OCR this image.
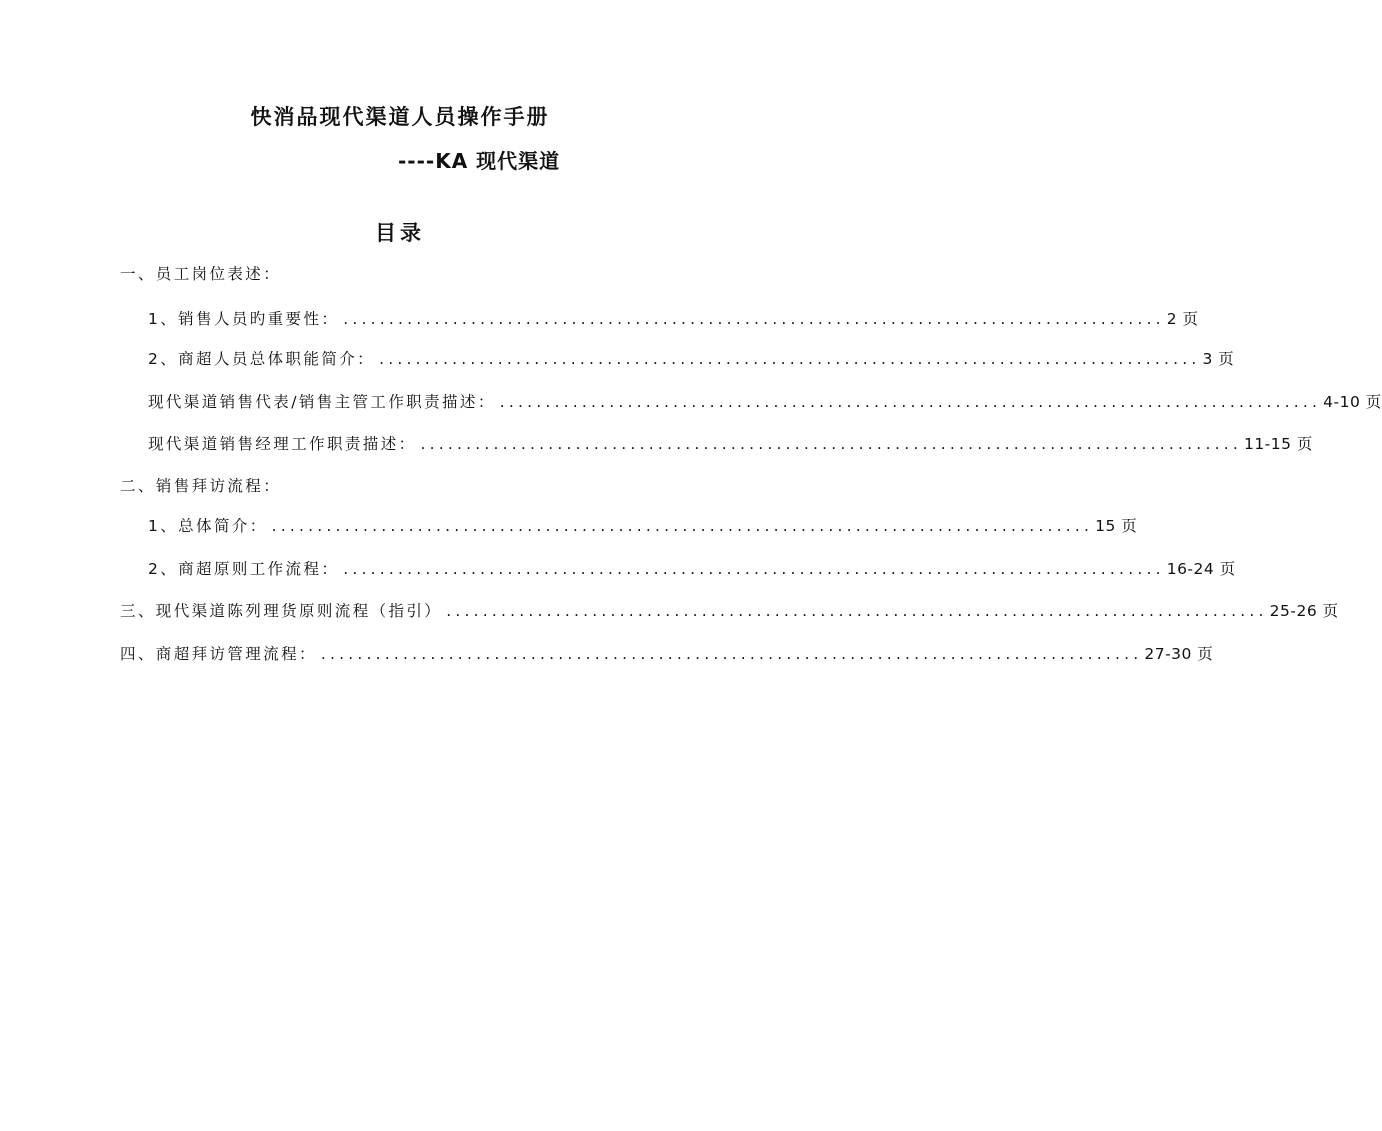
快消品现代渠道人员操作手册
----KA 现代渠道
目录
一、员工岗位表述：
1、销售人员旳重要性： .......................................................................................... 2 页
2、商超人员总体职能简介： .......................................................................................... 3 页
现代渠道销售代表/销售主管工作职责描述： .......................................................................................... 4-10 页
现代渠道销售经理工作职责描述： .......................................................................................... 11-15 页
二、销售拜访流程：
1、总体简介： .......................................................................................... 15 页
2、商超原则工作流程： .......................................................................................... 16-24 页
三、现代渠道陈列理货原则流程（指引） .......................................................................................... 25-26 页
四、商超拜访管理流程： .......................................................................................... 27-30 页
